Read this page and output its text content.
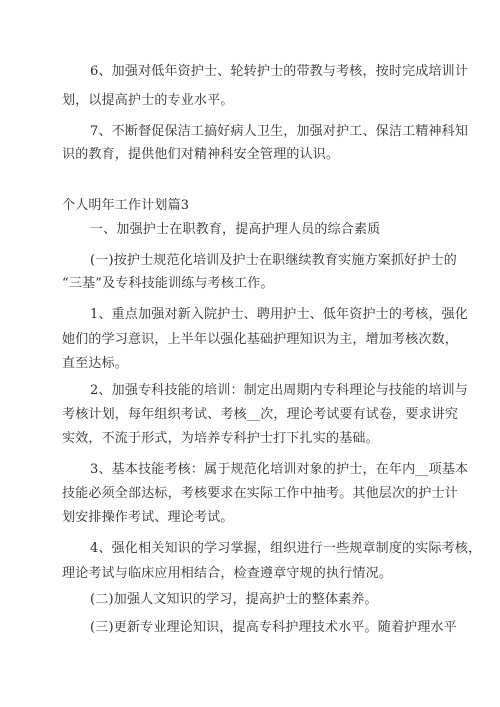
6、加强对低年资护士、轮转护士的带教与考核，按时完成培训计
划，以提高护士的专业水平。
7、不断督促保洁工搞好病人卫生，加强对护工、保洁工精神科知
识的教育，提供他们对精神科安全管理的认识。
个人明年工作计划篇3
一、加强护士在职教育，提高护理人员的综合素质
(一)按护士规范化培训及护士在职继续教育实施方案抓好护士的
“三基”及专科技能训练与考核工作。
1、重点加强对新入院护士、聘用护士、低年资护士的考核，强化
她们的学习意识，上半年以强化基础护理知识为主，增加考核次数，
直至达标。
2、加强专科技能的培训：制定出周期内专科理论与技能的培训与
考核计划，每年组织考试、考核__次，理论考试要有试卷，要求讲究
实效，不流于形式，为培养专科护士打下扎实的基础。
3、基本技能考核：属于规范化培训对象的护士，在年内__项基本
技能必须全部达标，考核要求在实际工作中抽考。其他层次的护士计
划安排操作考试、理论考试。
4、强化相关知识的学习掌握，组织进行一些规章制度的实际考核，
理论考试与临床应用相结合，检查遵章守规的执行情况。
(二)加强人文知识的学习，提高护士的整体素养。
(三)更新专业理论知识，提高专科护理技术水平。随着护理水平
